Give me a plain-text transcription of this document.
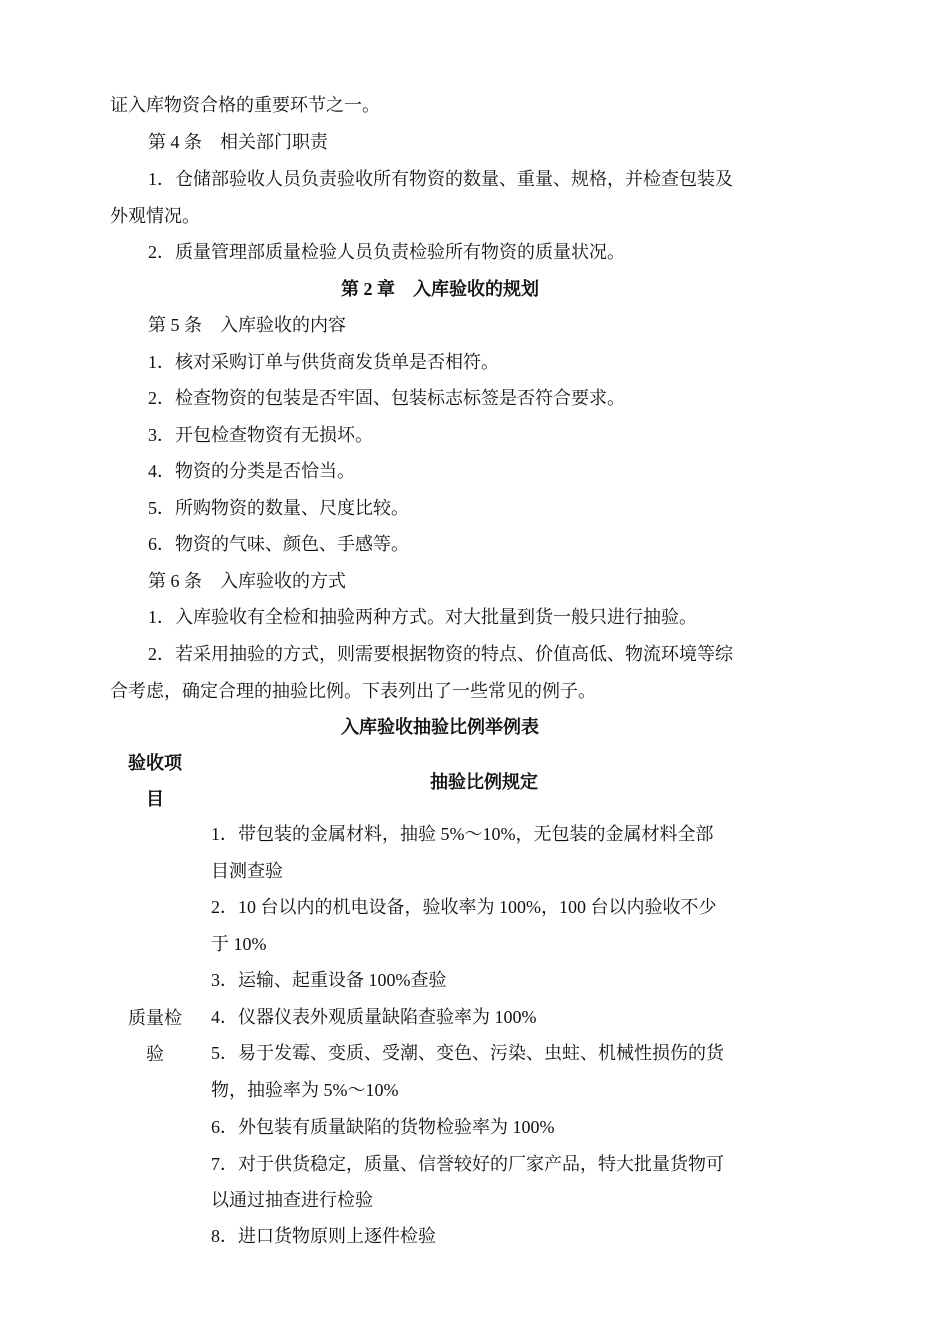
证入库物资合格的重要环节之一。
第 4 条　相关部门职责
1．仓储部验收人员负责验收所有物资的数量、重量、规格，并检查包装及
外观情况。
2．质量管理部质量检验人员负责检验所有物资的质量状况。
第 2 章　入库验收的规划
第 5 条　入库验收的内容
1．核对采购订单与供货商发货单是否相符。
2．检查物资的包装是否牢固、包装标志标签是否符合要求。
3．开包检查物资有无损坏。
4．物资的分类是否恰当。
5．所购物资的数量、尺度比较。
6．物资的气味、颜色、手感等。
第 6 条　入库验收的方式
1．入库验收有全检和抽验两种方式。对大批量到货一般只进行抽验。
2．若采用抽验的方式，则需要根据物资的特点、价值高低、物流环境等综
合考虑，确定合理的抽验比例。下表列出了一些常见的例子。
入库验收抽验比例举例表
验收项
目
抽验比例规定
质量检
验
1．带包装的金属材料，抽验 5%～10%，无包装的金属材料全部
目测查验
2．10 台以内的机电设备，验收率为 100%，100 台以内验收不少
于 10%
3．运输、起重设备 100%查验
4．仪器仪表外观质量缺陷查验率为 100%
5．易于发霉、变质、受潮、变色、污染、虫蛀、机械性损伤的货
物，抽验率为 5%～10%
6．外包装有质量缺陷的货物检验率为 100%
7．对于供货稳定，质量、信誉较好的厂家产品，特大批量货物可
以通过抽查进行检验
8．进口货物原则上逐件检验
